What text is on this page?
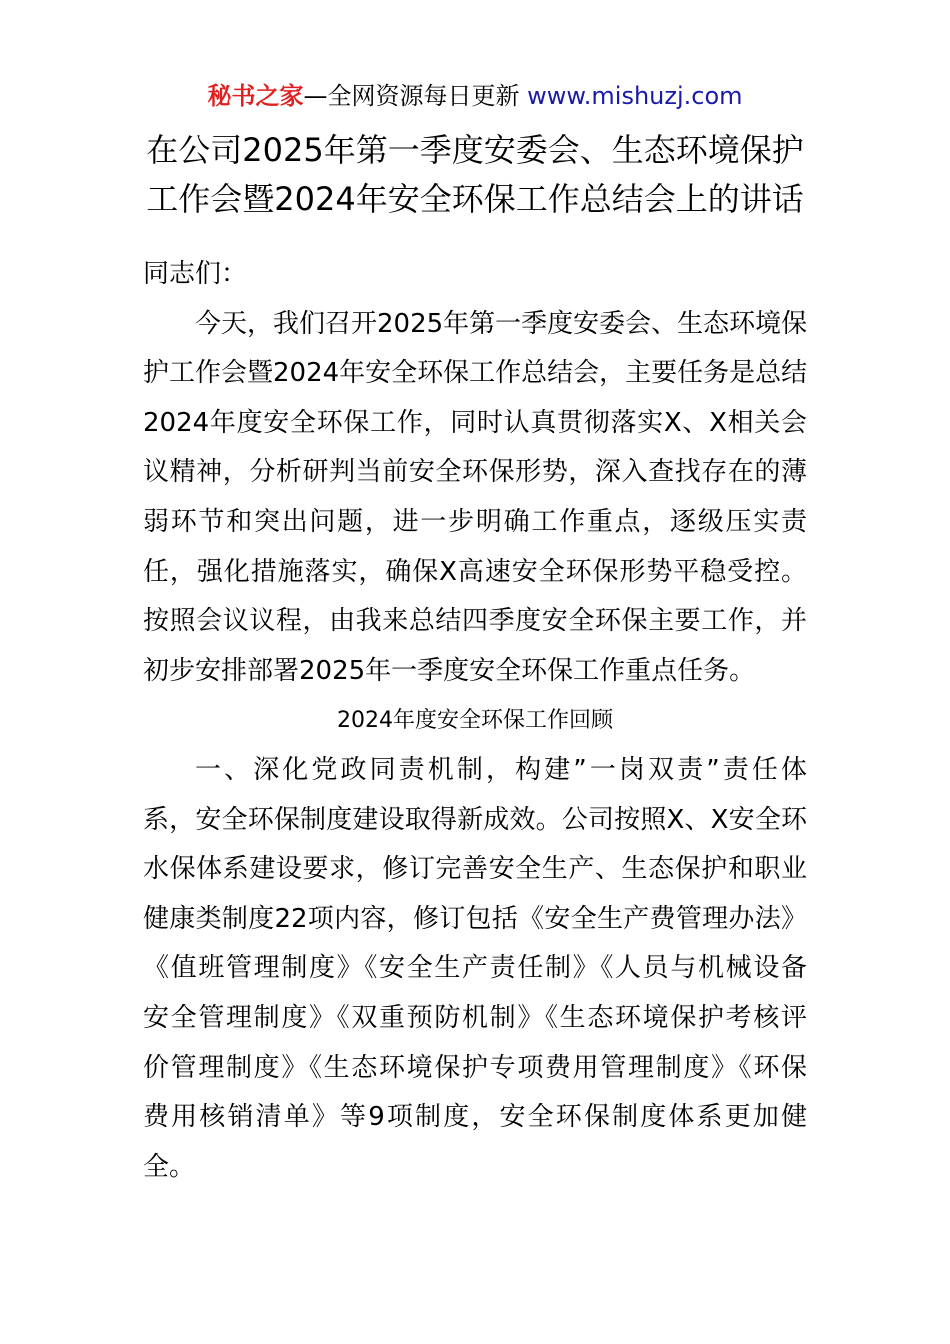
秘书之家—全网资源每日更新 www.mishuzj.com
在公司2025年第一季度安委会、生态环境保护
工作会暨2024年安全环保工作总结会上的讲话
同志们：
今天，我们召开2025年第一季度安委会、生态环境保
护工作会暨2024年安全环保工作总结会，主要任务是总结
2024年度安全环保工作，同时认真贯彻落实X、X相关会
议精神，分析研判当前安全环保形势，深入查找存在的薄
弱环节和突出问题，进一步明确工作重点，逐级压实责
任，强化措施落实，确保X高速安全环保形势平稳受控。
按照会议议程，由我来总结四季度安全环保主要工作，并
初步安排部署2025年一季度安全环保工作重点任务。
2024年度安全环保工作回顾
一、深化党政同责机制，构建”一岗双责”责任体
系，安全环保制度建设取得新成效。公司按照X、X安全环
水保体系建设要求，修订完善安全生产、生态保护和职业
健康类制度22项内容，修订包括《安全生产费管理办法》
《值班管理制度》《安全生产责任制》《人员与机械设备
安全管理制度》《双重预防机制》《生态环境保护考核评
价管理制度》《生态环境保护专项费用管理制度》《环保
费用核销清单》等9项制度，安全环保制度体系更加健
全。
